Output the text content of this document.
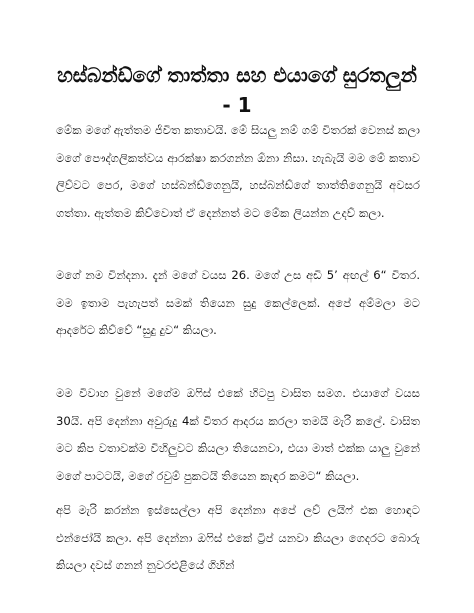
හස්බන්ඩ්ගේ තාත්තා සහ එයාගේ සුරතලුන්
- 1

මේක මගේ ඇත්තම ජිවිත කතාවයි. මේ සියලු නම් ගම් විතරක් වෙනස් කලා මගේ පෞද්ගලිකත්වය ආරක්ෂා කරගන්න ඕනා නිසා. හැබැයි මම මේ කතාව ලිව්වට පෙර, මගේ හස්බන්ඩ්ගෙනුයි, හස්බන්ඩ්ගේ තාත්තිගෙනුයි අවසර ගත්තා. ඇත්තම කිව්වොත් ඒ දෙන්නත් මට මේක ලියන්න උදව් කලා.

මගේ නම වින්දනා. දැන් මගේ වයස 26. මගේ උස අඩි 5’ අඟල් 6“ විතර. මම ඉතාම පැහැපත් සමක් තියෙන සුදු කෙල්ලෙක්. අපේ අම්මලා මට ආදරේට කිව්වේ “සුදු දුව“ කියලා.

මම විවාහ වුනේ මගේම ඔෆිස් එකේ හිටපු වාසිත සමග. එයාගේ වයස 30යි. අපි දෙන්නා අවුරුදු 4ක් විතර ආදරය කරලා තමයි මැරි කලේ. වාසිත මට කිප වතාවක්ම විහිලුවට කියලා තියෙනවා, එයා මාත් එක්ක යාලු වුනේ මගේ පාටටයි, මගේ රවුම් පුකටයි තියෙන කැඳර කමට“ කියලා.

අපි මැරි කරන්න ඉස්සෙල්ලා අපි දෙන්නා අපේ ලව් ලයිෆ් එක හොඳට එන්ජෝයි කලා. අපි දෙන්නා ඔෆිස් එකේ ට්‍රිප් යනවා කියලා ගෙදරට බොරු කියලා දවස් ගනන් නුවරඑළියේ ගිහින්
